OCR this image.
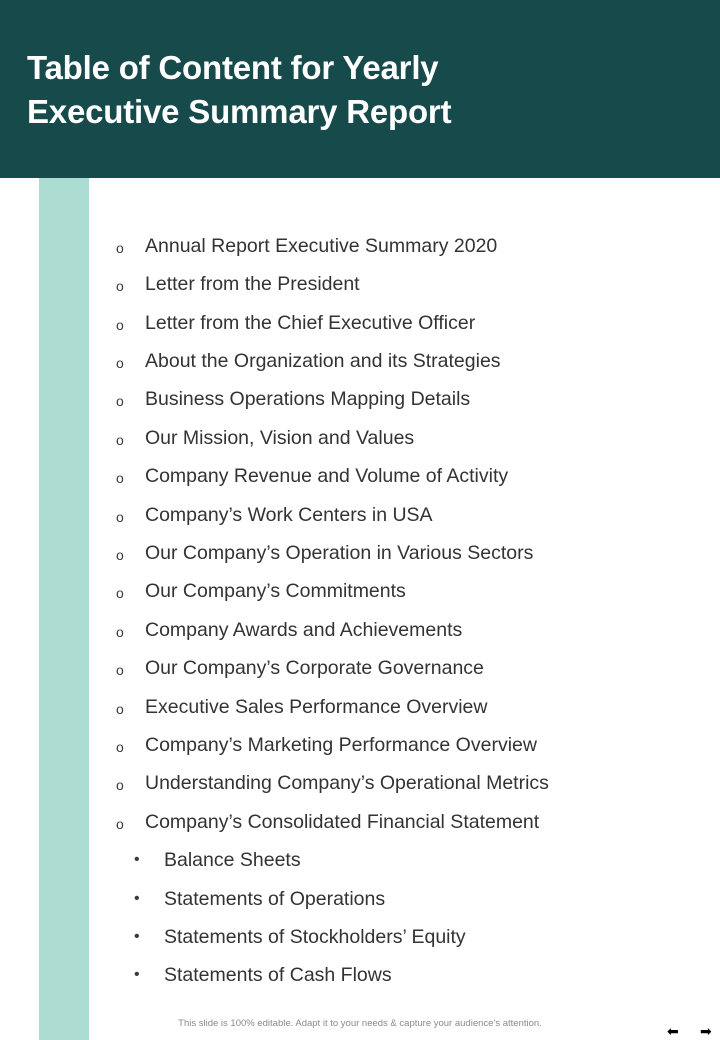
Table of Content for Yearly
Executive Summary Report
o Annual Report Executive Summary 2020
o Letter from the President
o Letter from the Chief Executive Officer
o About the Organization and its Strategies
o Business Operations Mapping Details
o Our Mission, Vision and Values
o Company Revenue and Volume of Activity
o Company’s Work Centers in USA
o Our Company’s Operation in Various Sectors
o Our Company’s Commitments
o Company Awards and Achievements
o Our Company’s Corporate Governance
o Executive Sales Performance Overview
o Company’s Marketing Performance Overview
o Understanding Company’s Operational Metrics
o Company’s Consolidated Financial Statement
• Balance Sheets
• Statements of Operations
• Statements of Stockholders’ Equity
• Statements of Cash Flows
This slide is 100% editable. Adapt it to your needs & capture your audience’s attention.	⬅ ➡
